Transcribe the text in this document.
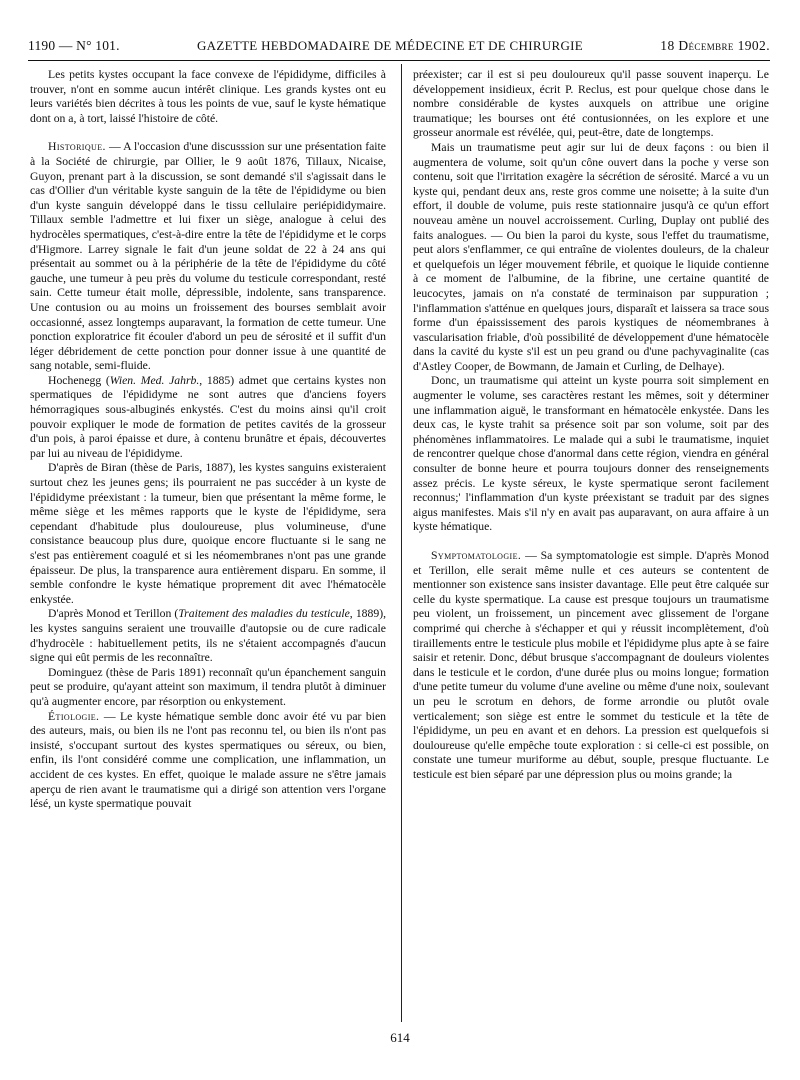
1190 — N° 101.	GAZETTE HEBDOMADAIRE DE MÉDECINE ET DE CHIRURGIE	18 Décembre 1902.

Les petits kystes occupant la face convexe de l'épididyme, difficiles à trouver, n'ont en somme aucun intérêt clinique. Les grands kystes ont eu leurs variétés bien décrites à tous les points de vue, sauf le kyste hématique dont on a, à tort, laissé l'histoire de côté.

Historique. — A l'occasion d'une discusssion sur une présentation faite à la Société de chirurgie, par Ollier, le 9 août 1876, Tillaux, Nicaise, Guyon, prenant part à la discussion, se sont demandé s'il s'agissait dans le cas d'Ollier d'un véritable kyste sanguin de la tête de l'épididyme ou bien d'un kyste sanguin développé dans le tissu cellulaire periépididymaire. Tillaux semble l'admettre et lui fixer un siège, analogue à celui des hydrocèles spermatiques, c'est-à-dire entre la tête de l'épididyme et le corps d'Higmore. Larrey signale le fait d'un jeune soldat de 22 à 24 ans qui présentait au sommet ou à la périphérie de la tête de l'épididyme du côté gauche, une tumeur à peu près du volume du testicule correspondant, resté sain. Cette tumeur était molle, dépressible, indolente, sans transparence. Une contusion ou au moins un froissement des bourses semblait avoir occasionné, assez longtemps auparavant, la formation de cette tumeur. Une ponction exploratrice fit écouler d'abord un peu de sérosité et il suffit d'un léger débridement de cette ponction pour donner issue à une quantité de sang notable, semi-fluide.

Hochenegg (Wien. Med. Jahrb., 1885) admet que certains kystes non spermatiques de l'épididyme ne sont autres que d'anciens foyers hémorragiques sous-albuginés enkystés. C'est du moins ainsi qu'il croit pouvoir expliquer le mode de formation de petites cavités de la grosseur d'un pois, à paroi épaisse et dure, à contenu brunâtre et épais, découvertes par lui au niveau de l'épididyme.

D'après de Biran (thèse de Paris, 1887), les kystes sanguins existeraient surtout chez les jeunes gens; ils pourraient ne pas succéder à un kyste de l'épididyme préexistant : la tumeur, bien que présentant la même forme, le même siège et les mêmes rapports que le kyste de l'épididyme, sera cependant d'habitude plus douloureuse, plus volumineuse, d'une consistance beaucoup plus dure, quoique encore fluctuante si le sang ne s'est pas entièrement coagulé et si les néomembranes n'ont pas une grande épaisseur. De plus, la transparence aura entièrement disparu. En somme, il semble confondre le kyste hématique proprement dit avec l'hématocèle enkystée.

D'après Monod et Terillon (Traitement des maladies du testicule, 1889), les kystes sanguins seraient une trouvaille d'autopsie ou de cure radicale d'hydrocèle : habituellement petits, ils ne s'étaient accompagnés d'aucun signe qui eût permis de les reconnaître.

Dominguez (thèse de Paris 1891) reconnaît qu'un épanchement sanguin peut se produire, qu'ayant atteint son maximum, il tendra plutôt à diminuer qu'à augmenter encore, par résorption ou enkystement.

Étiologie. — Le kyste hématique semble donc avoir été vu par bien des auteurs, mais, ou bien ils ne l'ont pas reconnu tel, ou bien ils n'ont pas insisté, s'occupant surtout des kystes spermatiques ou séreux, ou bien, enfin, ils l'ont considéré comme une complication, une inflammation, un accident de ces kystes. En effet, quoique le malade assure ne s'être jamais aperçu de rien avant le traumatisme qui a dirigé son attention vers l'organe lésé, un kyste spermatique pouvait

préexister; car il est si peu douloureux qu'il passe souvent inaperçu. Le développement insidieux, écrit P. Reclus, est pour quelque chose dans le nombre considérable de kystes auxquels on attribue une origine traumatique; les bourses ont été contusionnées, on les explore et une grosseur anormale est révélée, qui, peut-être, date de longtemps.

Mais un traumatisme peut agir sur lui de deux façons : ou bien il augmentera de volume, soit qu'un cône ouvert dans la poche y verse son contenu, soit que l'irritation exagère la sécrétion de sérosité. Marcé a vu un kyste qui, pendant deux ans, reste gros comme une noisette; à la suite d'un effort, il double de volume, puis reste stationnaire jusqu'à ce qu'un effort nouveau amène un nouvel accroissement. Curling, Duplay ont publié des faits analogues. — Ou bien la paroi du kyste, sous l'effet du traumatisme, peut alors s'enflammer, ce qui entraîne de violentes douleurs, de la chaleur et quelquefois un léger mouvement fébrile, et quoique le liquide contienne à ce moment de l'albumine, de la fibrine, une certaine quantité de leucocytes, jamais on n'a constaté de terminaison par suppuration ; l'inflammation s'atténue en quelques jours, disparaît et laissera sa trace sous forme d'un épaississement des parois kystiques de néomembranes à vascularisation friable, d'où possibilité de développement d'une hématocèle dans la cavité du kyste s'il est un peu grand ou d'une pachyvaginalite (cas d'Astley Cooper, de Bowmann, de Jamain et Curling, de Delhaye).

Donc, un traumatisme qui atteint un kyste pourra soit simplement en augmenter le volume, ses caractères restant les mêmes, soit y déterminer une inflammation aiguë, le transformant en hématocèle enkystée. Dans les deux cas, le kyste trahit sa présence soit par son volume, soit par des phénomènes inflammatoires. Le malade qui a subi le traumatisme, inquiet de rencontrer quelque chose d'anormal dans cette région, viendra en général consulter de bonne heure et pourra toujours donner des renseignements assez précis. Le kyste séreux, le kyste spermatique seront facilement reconnus;' l'inflammation d'un kyste préexistant se traduit par des signes aigus manifestes. Mais s'il n'y en avait pas auparavant, on aura affaire à un kyste hématique.

Symptomatologie. — Sa symptomatologie est simple. D'après Monod et Terillon, elle serait même nulle et ces auteurs se contentent de mentionner son existence sans insister davantage. Elle peut être calquée sur celle du kyste spermatique. La cause est presque toujours un traumatisme peu violent, un froissement, un pincement avec glissement de l'organe comprimé qui cherche à s'échapper et qui y réussit incomplètement, d'où tiraillements entre le testicule plus mobile et l'épididyme plus apte à se faire saisir et retenir. Donc, début brusque s'accompagnant de douleurs violentes dans le testicule et le cordon, d'une durée plus ou moins longue; formation d'une petite tumeur du volume d'une aveline ou même d'une noix, soulevant un peu le scrotum en dehors, de forme arrondie ou plutôt ovale verticalement; son siège est entre le sommet du testicule et la tête de l'épididyme, un peu en avant et en dehors. La pression est quelquefois si douloureuse qu'elle empêche toute exploration : si celle-ci est possible, on constate une tumeur muriforme au début, souple, presque fluctuante. Le testicule est bien séparé par une dépression plus ou moins grande; la

614
